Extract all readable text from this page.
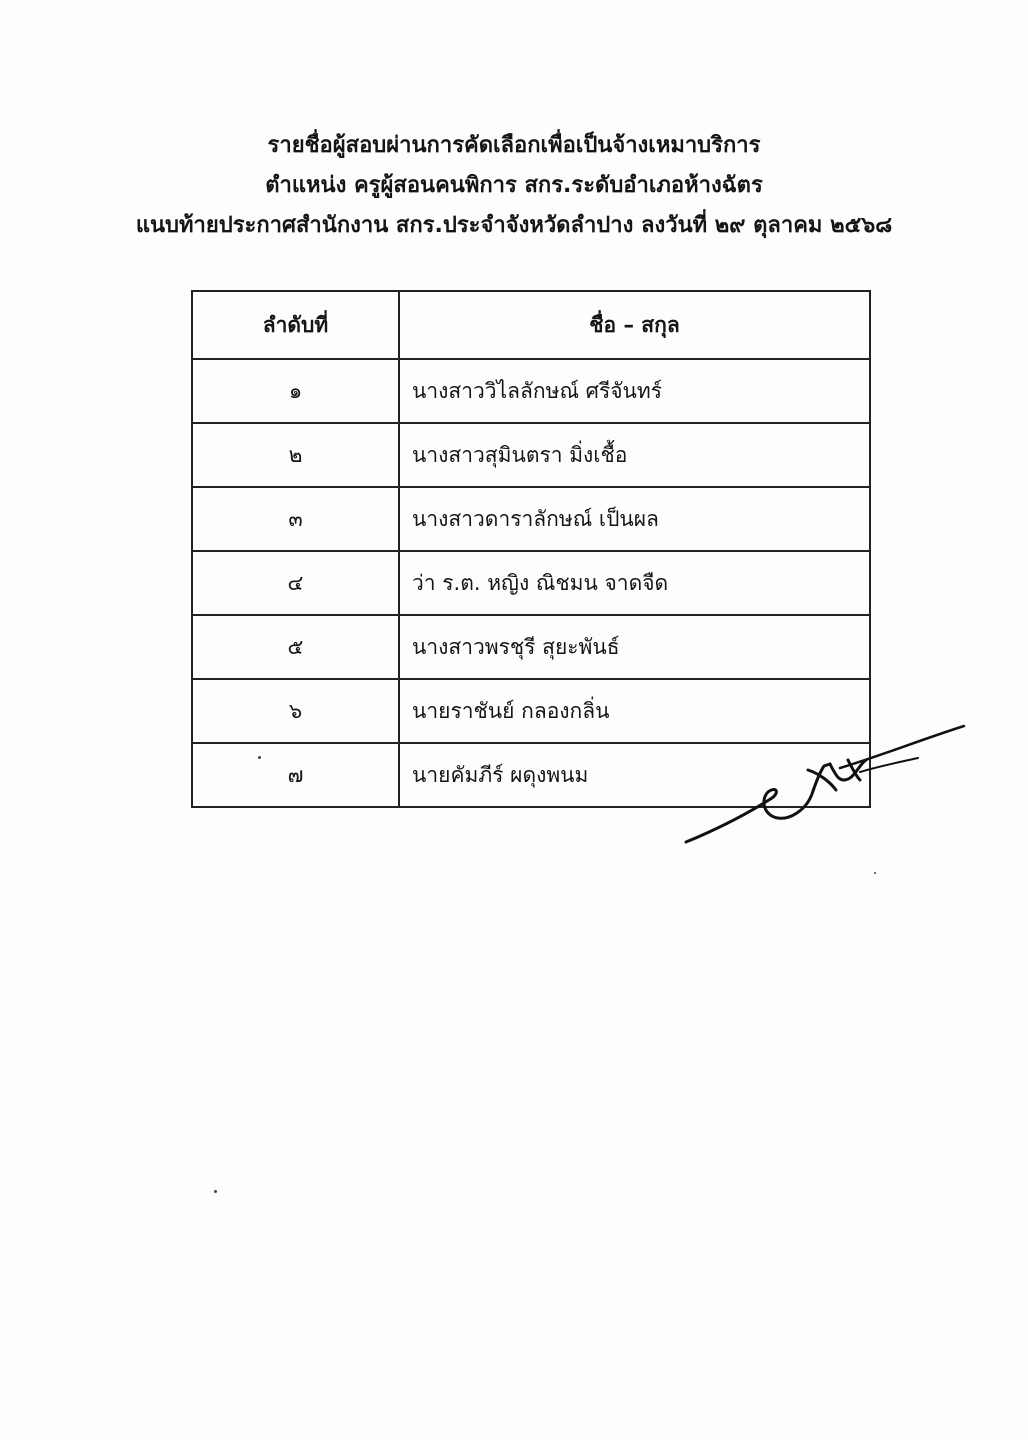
รายชื่อผู้สอบผ่านการคัดเลือกเพื่อเป็นจ้างเหมาบริการ
ตำแหน่ง ครูผู้สอนคนพิการ สกร.ระดับอำเภอห้างฉัตร
แนบท้ายประกาศสำนักงาน สกร.ประจำจังหวัดลำปาง ลงวันที่ ๒๙ ตุลาคม ๒๕๖๘
ลำดับที่	ชื่อ – สกุล
๑	นางสาววิไลลักษณ์ ศรีจันทร์
๒	นางสาวสุมินตรา มิ่งเชื้อ
๓	นางสาวดาราลักษณ์ เป็นผล
๔	ว่า ร.ต. หญิง ณิชมน จาดจืด
๕	นางสาวพรชุรี สุยะพันธ์
๖	นายราชันย์ กลองกลิ่น
๗	นายคัมภีร์ ผดุงพนม
